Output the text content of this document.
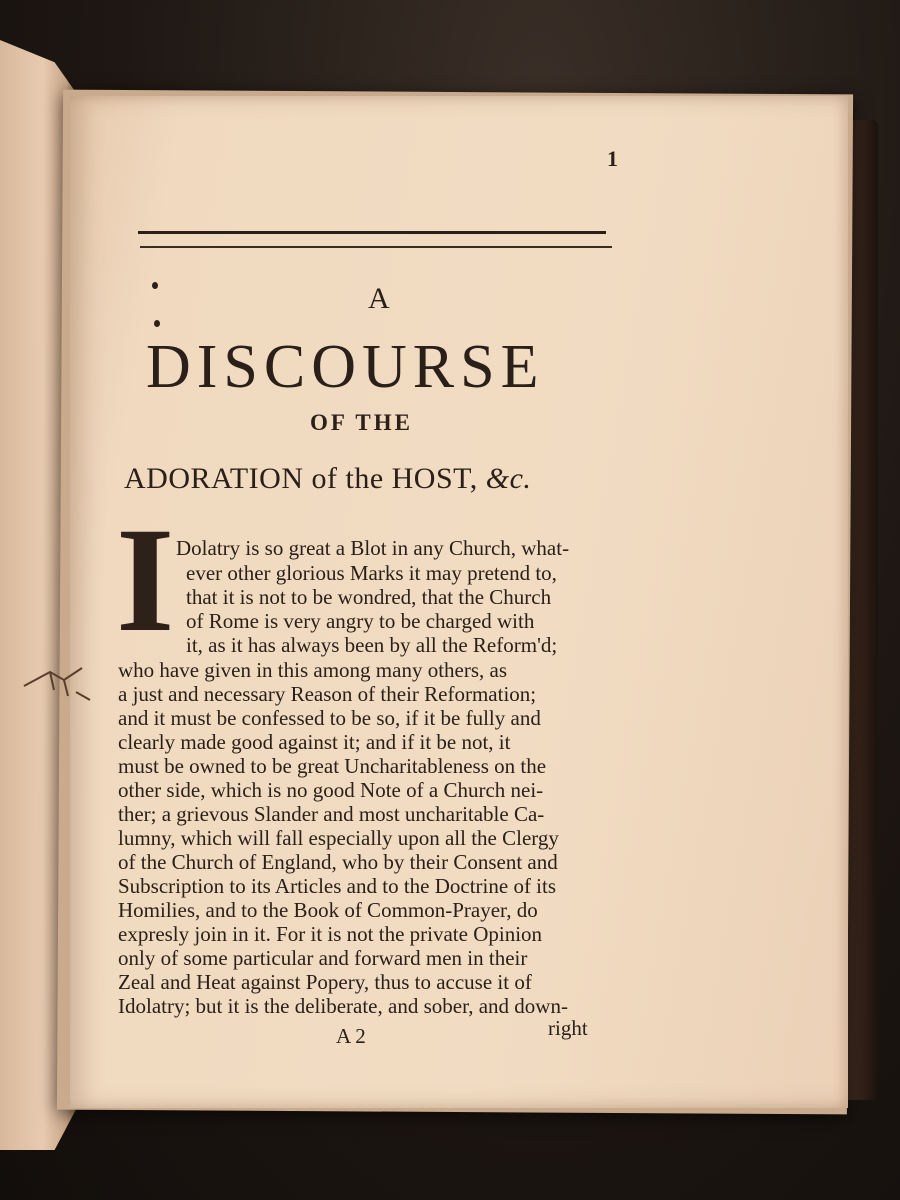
1
A
DISCOURSE
OF THE
ADORATION of the HOST, &c.
I Dolatry is so great a Blot in any Church, what-
ever other glorious Marks it may pretend to,
that it is not to be wondred, that the Church
of Rome is very angry to be charged with
it, as it has always been by all the Reform'd;
who have given in this among many others, as
a just and necessary Reason of their Reformation;
and it must be confessed to be so, if it be fully and
clearly made good against it; and if it be not, it
must be owned to be great Uncharitableness on the
other side, which is no good Note of a Church nei-
ther; a grievous Slander and most uncharitable Ca-
lumny, which will fall especially upon all the Clergy
of the Church of England, who by their Consent and
Subscription to its Articles and to the Doctrine of its
Homilies, and to the Book of Common-Prayer, do
expresly join in it. For it is not the private Opinion
only of some particular and forward men in their
Zeal and Heat against Popery, thus to accuse it of
Idolatry; but it is the deliberate, and sober, and down-
A 2	right
